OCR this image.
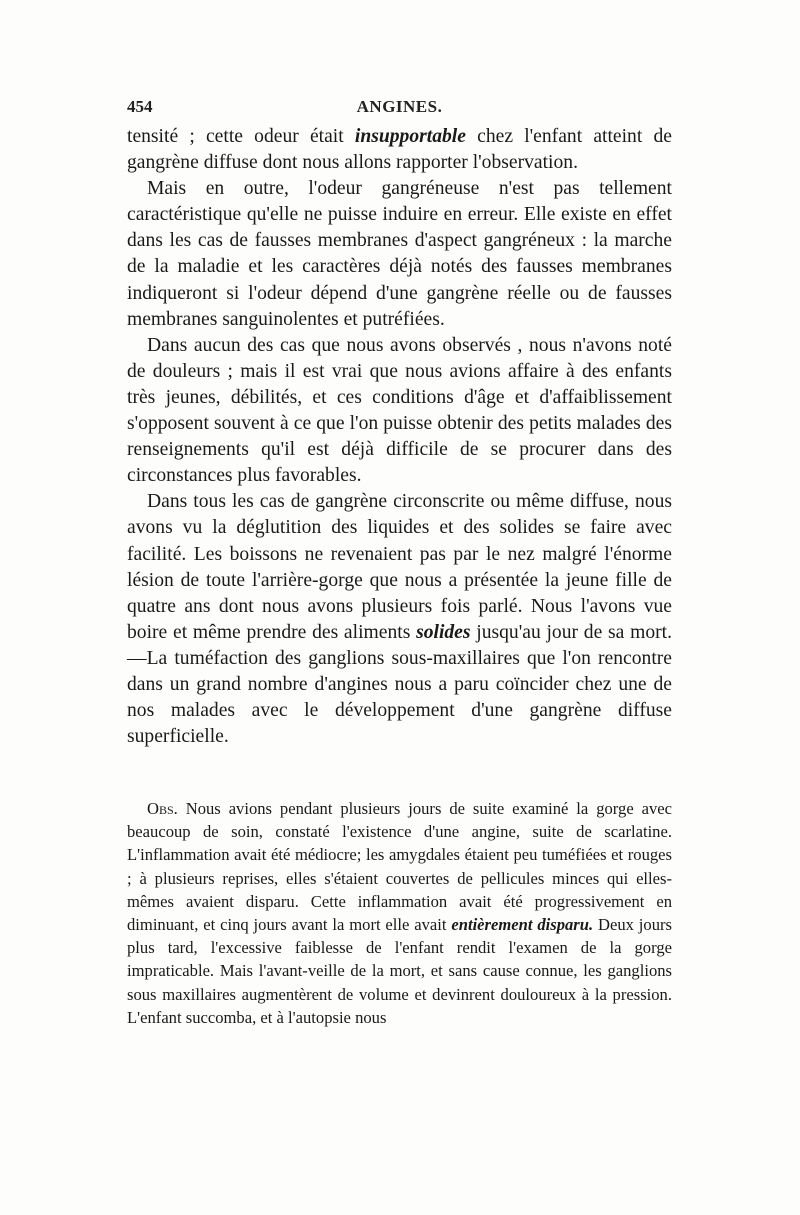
454	ANGINES.

tensité ; cette odeur était insupportable chez l'enfant atteint de gangrène diffuse dont nous allons rapporter l'observation.

Mais en outre, l'odeur gangréneuse n'est pas tellement caractéristique qu'elle ne puisse induire en erreur. Elle existe en effet dans les cas de fausses membranes d'aspect gangréneux : la marche de la maladie et les caractères déjà notés des fausses membranes indiqueront si l'odeur dépend d'une gangrène réelle ou de fausses membranes sanguinolentes et putréfiées.

Dans aucun des cas que nous avons observés , nous n'avons noté de douleurs ; mais il est vrai que nous avions affaire à des enfants très jeunes, débilités, et ces conditions d'âge et d'affaiblissement s'opposent souvent à ce que l'on puisse obtenir des petits malades des renseignements qu'il est déjà difficile de se procurer dans des circonstances plus favorables.

Dans tous les cas de gangrène circonscrite ou même diffuse, nous avons vu la déglutition des liquides et des solides se faire avec facilité. Les boissons ne revenaient pas par le nez malgré l'énorme lésion de toute l'arrière-gorge que nous a présentée la jeune fille de quatre ans dont nous avons plusieurs fois parlé. Nous l'avons vue boire et même prendre des aliments solides jusqu'au jour de sa mort.—La tuméfaction des ganglions sous-maxillaires que l'on rencontre dans un grand nombre d'angines nous a paru coïncider chez une de nos malades avec le développement d'une gangrène diffuse superficielle.

Obs. Nous avions pendant plusieurs jours de suite examiné la gorge avec beaucoup de soin, constaté l'existence d'une angine, suite de scarlatine. L'inflammation avait été médiocre; les amygdales étaient peu tuméfiées et rouges ; à plusieurs reprises, elles s'étaient couvertes de pellicules minces qui elles-mêmes avaient disparu. Cette inflammation avait été progressivement en diminuant, et cinq jours avant la mort elle avait entièrement disparu. Deux jours plus tard, l'excessive faiblesse de l'enfant rendit l'examen de la gorge impraticable. Mais l'avant-veille de la mort, et sans cause connue, les ganglions sous maxillaires augmentèrent de volume et devinrent douloureux à la pression. L'enfant succomba, et à l'autopsie nous
